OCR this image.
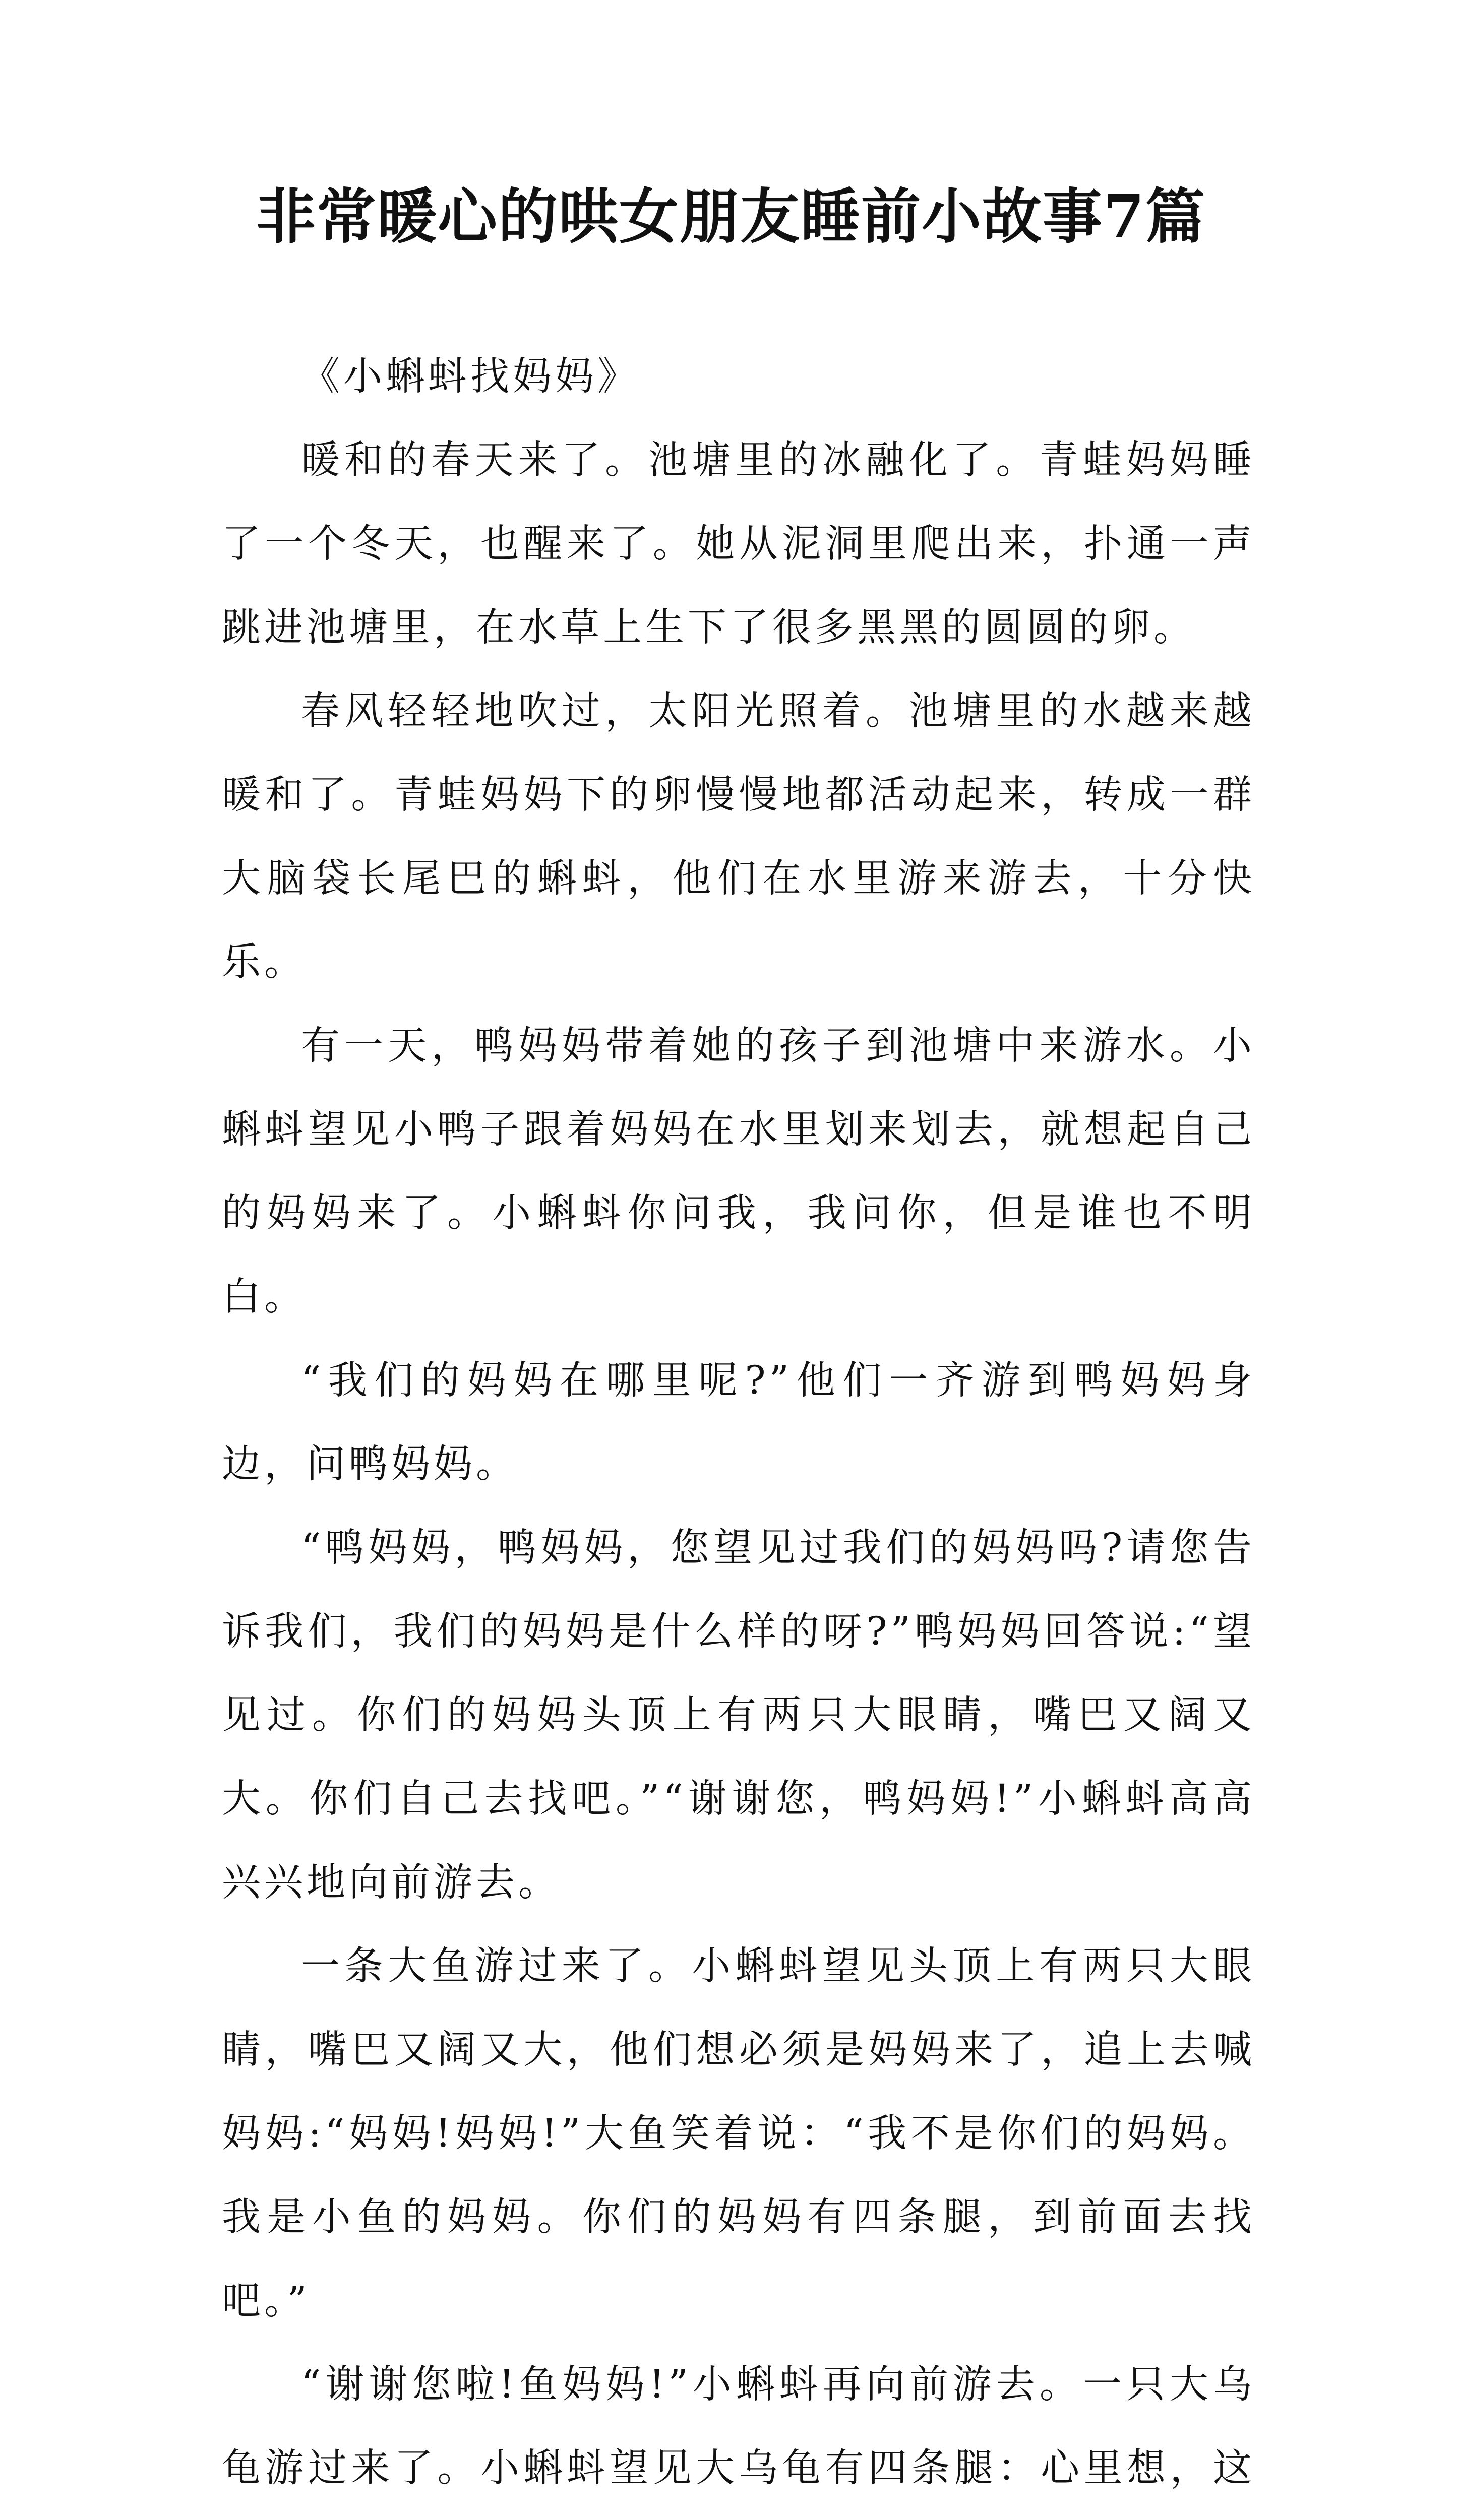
非常暖心的哄女朋友睡前小故事7篇

《小蝌蚪找妈妈》

暖和的春天来了。池塘里的冰融化了。青蛙妈妈睡了一个冬天，也醒来了。她从泥洞里爬出来，扑通一声跳进池塘里，在水草上生下了很多黑黑的圆圆的卵。

春风轻轻地吹过，太阳光照着。池塘里的水越来越暖和了。青蛙妈妈下的卵慢慢地都活动起来，转成一群大脑袋长尾巴的蝌蚪，他们在水里游来游去，十分快乐。

有一天，鸭妈妈带着她的孩子到池塘中来游水。小蝌蚪望见小鸭子跟着妈妈在水里划来划去，就想起自己的妈妈来了。小蝌蚪你问我，我问你，但是谁也不明白。

“我们的妈妈在哪里呢?”他们一齐游到鸭妈妈身边，问鸭妈妈。

“鸭妈妈，鸭妈妈，您望见过我们的妈妈吗?请您告诉我们，我们的妈妈是什么样的呀?”鸭妈妈回答说:“望见过。你们的妈妈头顶上有两只大眼睛，嘴巴又阔又大。你们自己去找吧。”“谢谢您，鸭妈妈!”小蝌蚪高高兴兴地向前游去。

一条大鱼游过来了。小蝌蚪望见头顶上有两只大眼睛，嘴巴又阔又大，他们想必须是妈妈来了，追上去喊妈妈:“妈妈!妈妈!”大鱼笑着说：“我不是你们的妈妈。我是小鱼的妈妈。你们的妈妈有四条腿，到前面去找吧。”

“谢谢您啦!鱼妈妈!”小蝌蚪再向前游去。一只大乌龟游过来了。小蝌蚪望见大乌龟有四条腿：心里想，这
